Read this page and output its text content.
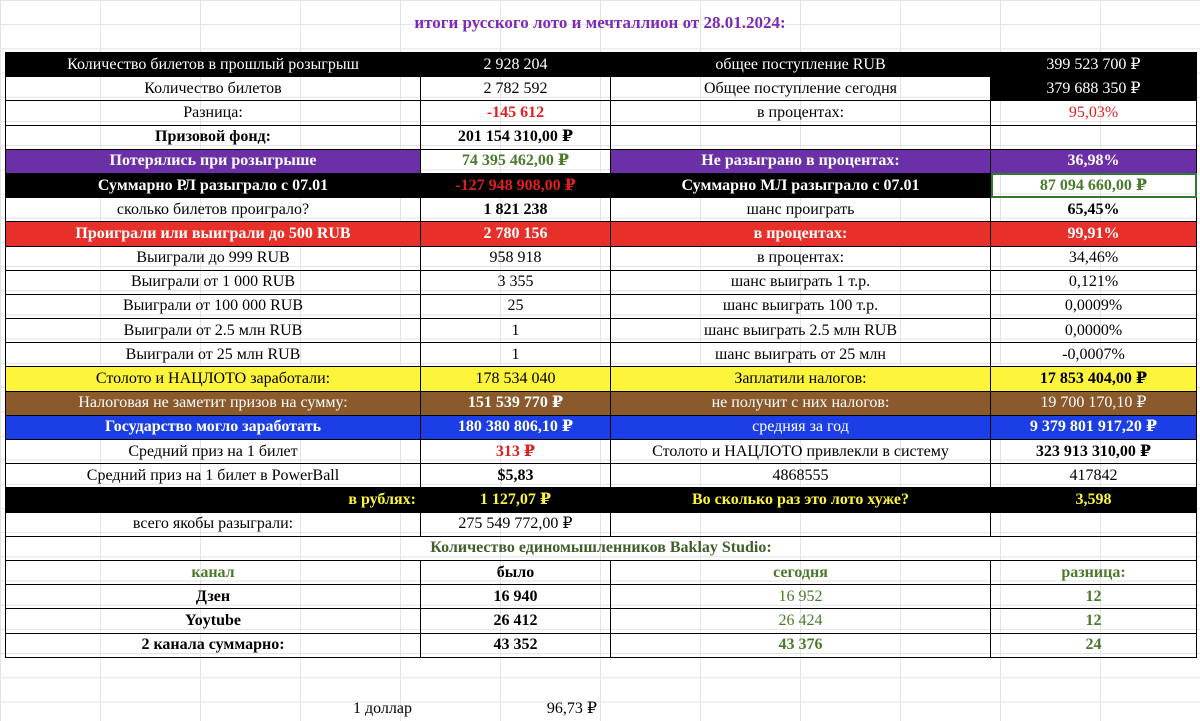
итоги русского лото и мечталлион от 28.01.2024:
Количество билетов в прошлый розыгрыш	2 928 204	общее поступление RUB	399 523 700 ₽
Количество билетов	2 782 592	Общее поступление сегодня	379 688 350 ₽
Разница:	-145 612	в процентах:	95,03%
Призовой фонд:	201 154 310,00 ₽		
Потерялись при розыгрыше	74 395 462,00 ₽	Не разыграно в процентах:	36,98%
Суммарно РЛ разыграло с 07.01	-127 948 908,00 ₽	Суммарно МЛ разыграло с 07.01	87 094 660,00 ₽
сколько билетов проиграло?	1 821 238	шанс проиграть	65,45%
Проиграли или выиграли до 500 RUB	2 780 156	в процентах:	99,91%
Выиграли до 999 RUB	958 918	в процентах:	34,46%
Выиграли от 1 000 RUB	3 355	шанс выиграть 1 т.р.	0,121%
Выиграли от 100 000 RUB	25	шанс выиграть 100 т.р.	0,0009%
Выиграли от 2.5 млн RUB	1	шанс выиграть 2.5 млн RUB	0,0000%
Выиграли от 25 млн RUB	1	шанс выиграть от 25 млн	-0,0007%
Столото и НАЦЛОТО заработали:	178 534 040	Заплатили налогов:	17 853 404,00 ₽
Налоговая не заметит призов на сумму:	151 539 770 ₽	не получит с них налогов:	19 700 170,10 ₽
Государство могло заработать	180 380 806,10 ₽	средняя за год	9 379 801 917,20 ₽
Средний приз на 1 билет	313 ₽	Столото и НАЦЛОТО привлекли в систему	323 913 310,00 ₽
Средний приз на 1 билет в PowerBall	$5,83	4868555	417842
в рублях:	1 127,07 ₽	Во сколько раз это лото хуже?	3,598
всего якобы разыграли:	275 549 772,00 ₽		
Количество единомышленников Baklay Studio:			
канал	было	сегодня	разница:
Дзен	16 940	16 952	12
Yoytube	26 412	26 424	12
2 канала суммарно:	43 352	43 376	24
1 доллар	96,73 ₽
